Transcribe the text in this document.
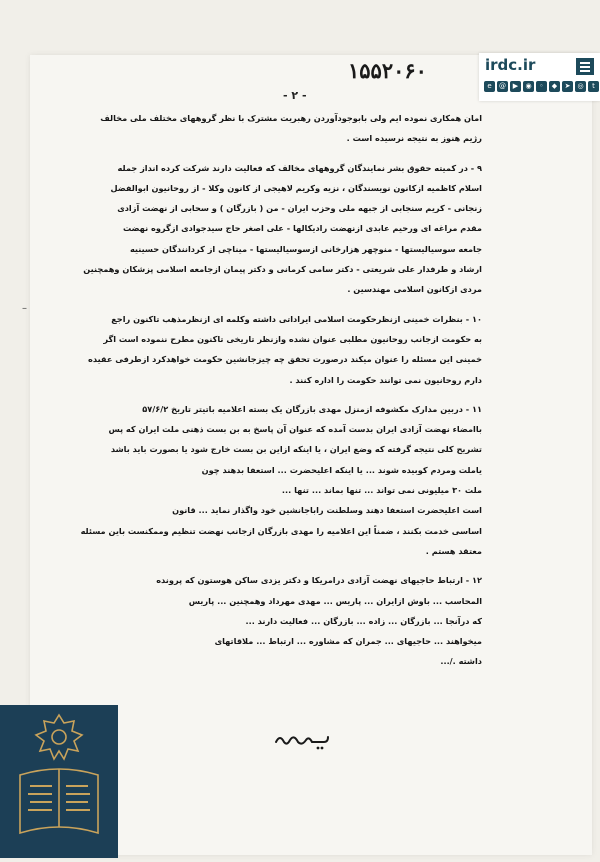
۱۵۵۲۰۶۰
- ۲ -

امان همکاری نموده ایم ولی بابوجودآوردن رهبریت مشترک با نظر گروههای مختلف ملی مخالف

رژیم هنوز به نتیجه نرسیده است .

۹ - در کمیته حقوق بشر نمایندگان گروههای مخالف که فعالیت دارند شرکت کرده انداز جمله

اسلام کاظمیه ازکانون نویسندگان ، نزیه وکریم لاهیجی از کانون وکلا - از روحانیون ابوالفضل

زنجانی - کریم سنجابی از جبهه ملی وحزب ایران - من ( بازرگان ) و سحابی از نهضت آزادی

مقدم مراغه ای ورحیم عابدی ازنهضت رادیکالها - علی اصغر حاج سیدجوادی ازگروه نهضت

جامعه سوسیالیستها - منوچهر هزارخانی ازسوسیالیستها - میناچی از کردانندگان حسینیه

ارشاد و طرفدار علی شریعتی - دکتر سامی کرمانی و دکتر پیمان ازجامعه اسلامی پزشکان وهمچنین

مردی ازکانون اسلامی مهندسین .

۱۰ - بنظرات خمینی ازنظرحکومت اسلامی ایراداتی داشته وکلمه ای ازنظرمذهب تاکنون راجع

به حکومت ازجانب روحانیون مطلبی عنوان نشده وازنظر تاریخی تاکنون مطرح ننموده است اگر

خمینی این مسئله را عنوان میکند درصورت تحقق چه چیزجانشین حکومت خواهدکرد ازطرفی عقیده

دارم روحانیون نمی توانند حکومت را اداره کنند .

۱۱ - دربین مدارک مکشوفه ازمنزل مهدی بازرگان یک بسته اعلامیه باتیتر تاریخ ۵۷/۶/۲

باامضاء نهضت آزادی ایران بدست آمده که عنوان آن پاسخ به بن بست ذهنی ملت ایران که پس

تشریح کلی نتیجه گرفته که وضع ایران ، یا اینکه ازاین بن بست خارج شود یا بصورت باید باشد

یاملت ومردم کوبیده شوند ... یا اینکه اعلیحضرت ... استعفا بدهند چون

ملت ۳۰ میلیونی نمی تواند ... تنها بماند ... تنها ...

است اعلیحضرت استعفا دهند وسلطنت راباجانشین خود واگذار نماید ... قانون

اساسی خدمت بکنند ، ضمناً این اعلامیه را مهدی بازرگان ازجانب نهضت تنظیم وممکنست باین مسئله

معتقد هستم .

۱۲ - ارتباط حاجیهای نهضت آزادی درامریکا و دکتر یزدی ساکن هوستون که پرونده

المحاسب ... باوش ازایران ... پاریس ... مهدی مهرداد وهمچنین ... پاریس

که درآنجا ... بازرگان ... زاده ... بازرگان ... فعالیت دارند ...

میخواهند ... حاجیهای ... جمران که مشاوره ... ارتباط ... ملاقاتهای

داشته ./...

–
irdc.ir
e	@ ▶	◉	◦	◆	➤	◎	t
